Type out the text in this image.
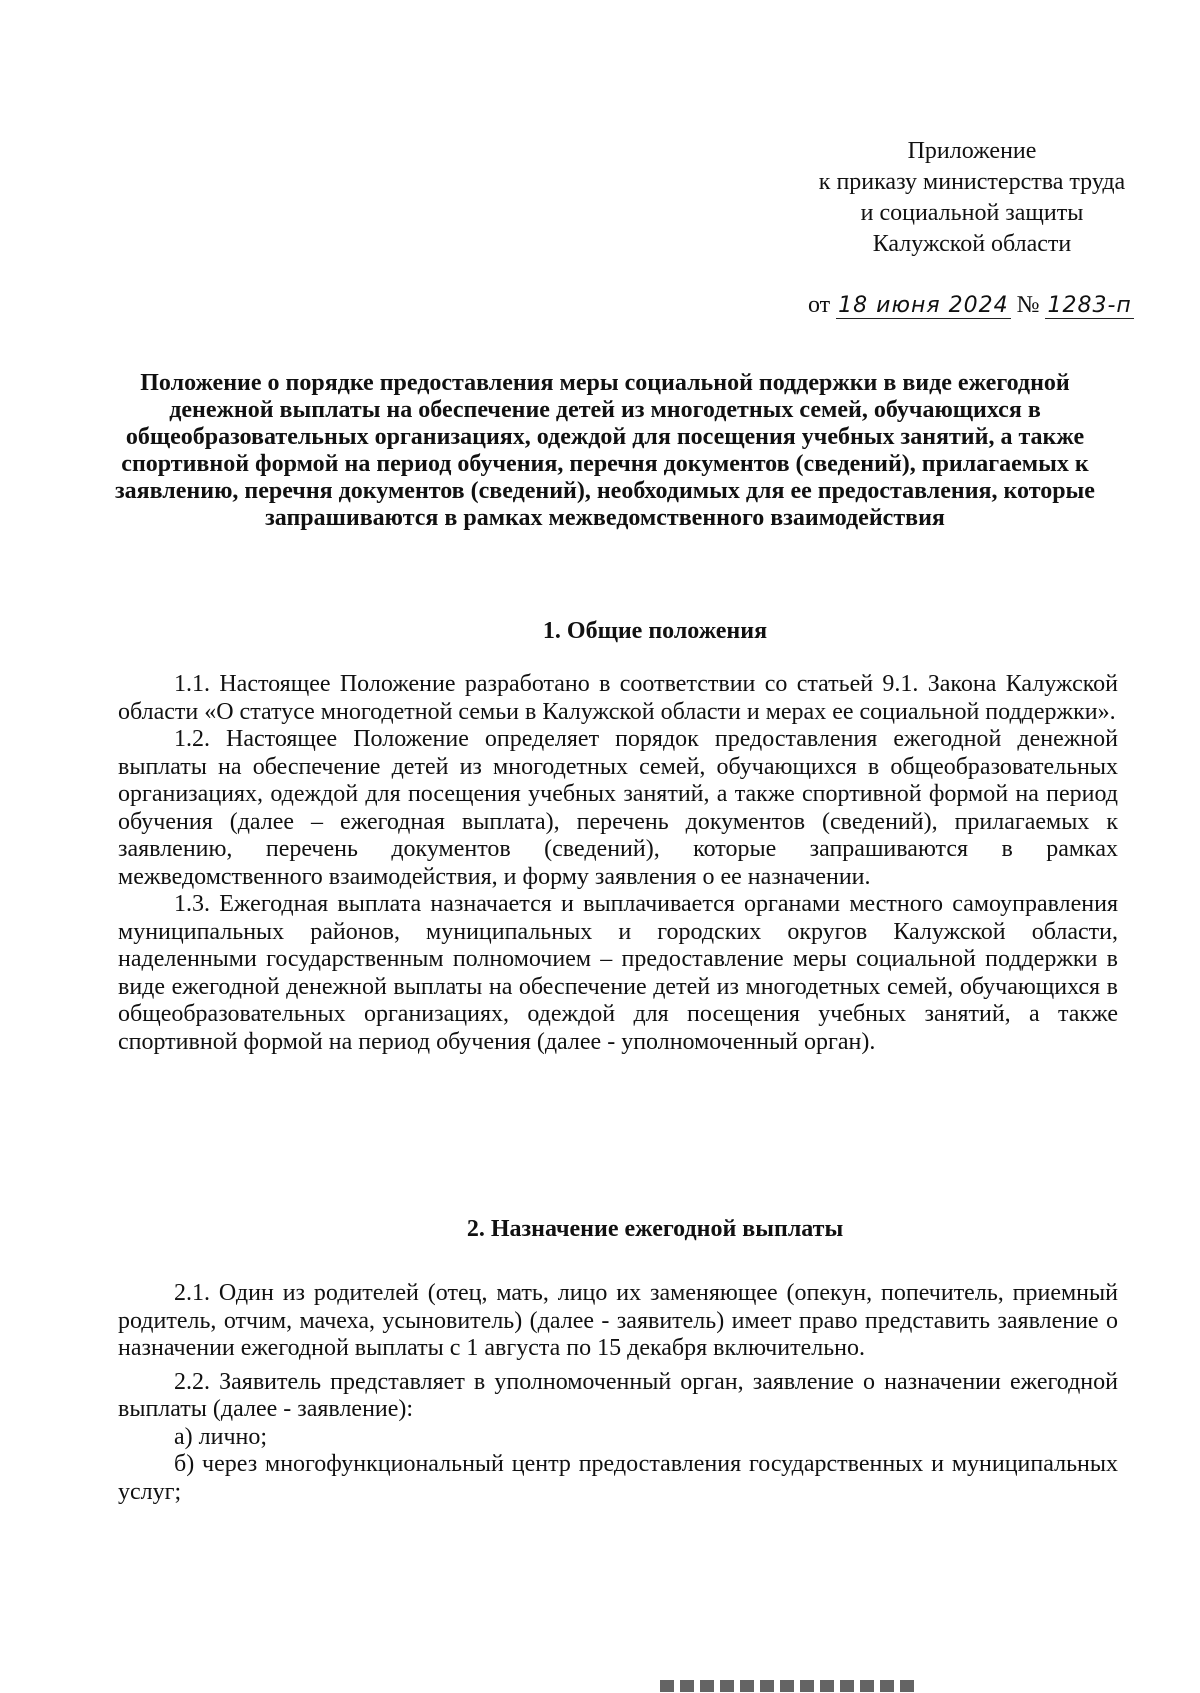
Приложение
к приказу министерства труда
и социальной защиты
Калужской области
от 18 июня 2024 № 1283-п
Положение о порядке предоставления меры социальной поддержки в виде ежегодной денежной выплаты на обеспечение детей из многодетных семей, обучающихся в общеобразовательных организациях, одеждой для посещения учебных занятий, а также спортивной формой на период обучения, перечня документов (сведений), прилагаемых к заявлению, перечня документов (сведений), необходимых для ее предоставления, которые запрашиваются в рамках межведомственного взаимодействия
1. Общие положения

1.1. Настоящее Положение разработано в соответствии со статьей 9.1. Закона Калужской области «О статусе многодетной семьи в Калужской области и мерах ее социальной поддержки».

1.2. Настоящее Положение определяет порядок предоставления ежегодной денежной выплаты на обеспечение детей из многодетных семей, обучающихся в общеобразовательных организациях, одеждой для посещения учебных занятий, а также спортивной формой на период обучения (далее – ежегодная выплата), перечень документов (сведений), прилагаемых к заявлению, перечень документов (сведений), которые запрашиваются в рамках межведомственного взаимодействия, и форму заявления о ее назначении.

1.3. Ежегодная выплата назначается и выплачивается органами местного самоуправления муниципальных районов, муниципальных и городских округов Калужской области, наделенными государственным полномочием – предоставление меры социальной поддержки в виде ежегодной денежной выплаты на обеспечение детей из многодетных семей, обучающихся в общеобразовательных организациях, одеждой для посещения учебных занятий, а также спортивной формой на период обучения (далее - уполномоченный орган).

2. Назначение ежегодной выплаты

2.1. Один из родителей (отец, мать, лицо их заменяющее (опекун, попечитель, приемный родитель, отчим, мачеха, усыновитель) (далее - заявитель) имеет право представить заявление о назначении ежегодной выплаты с 1 августа по 15 декабря включительно.

2.2. Заявитель представляет в уполномоченный орган, заявление о назначении ежегодной выплаты (далее - заявление):

а) лично;

б) через многофункциональный центр предоставления государственных и муниципальных услуг;
